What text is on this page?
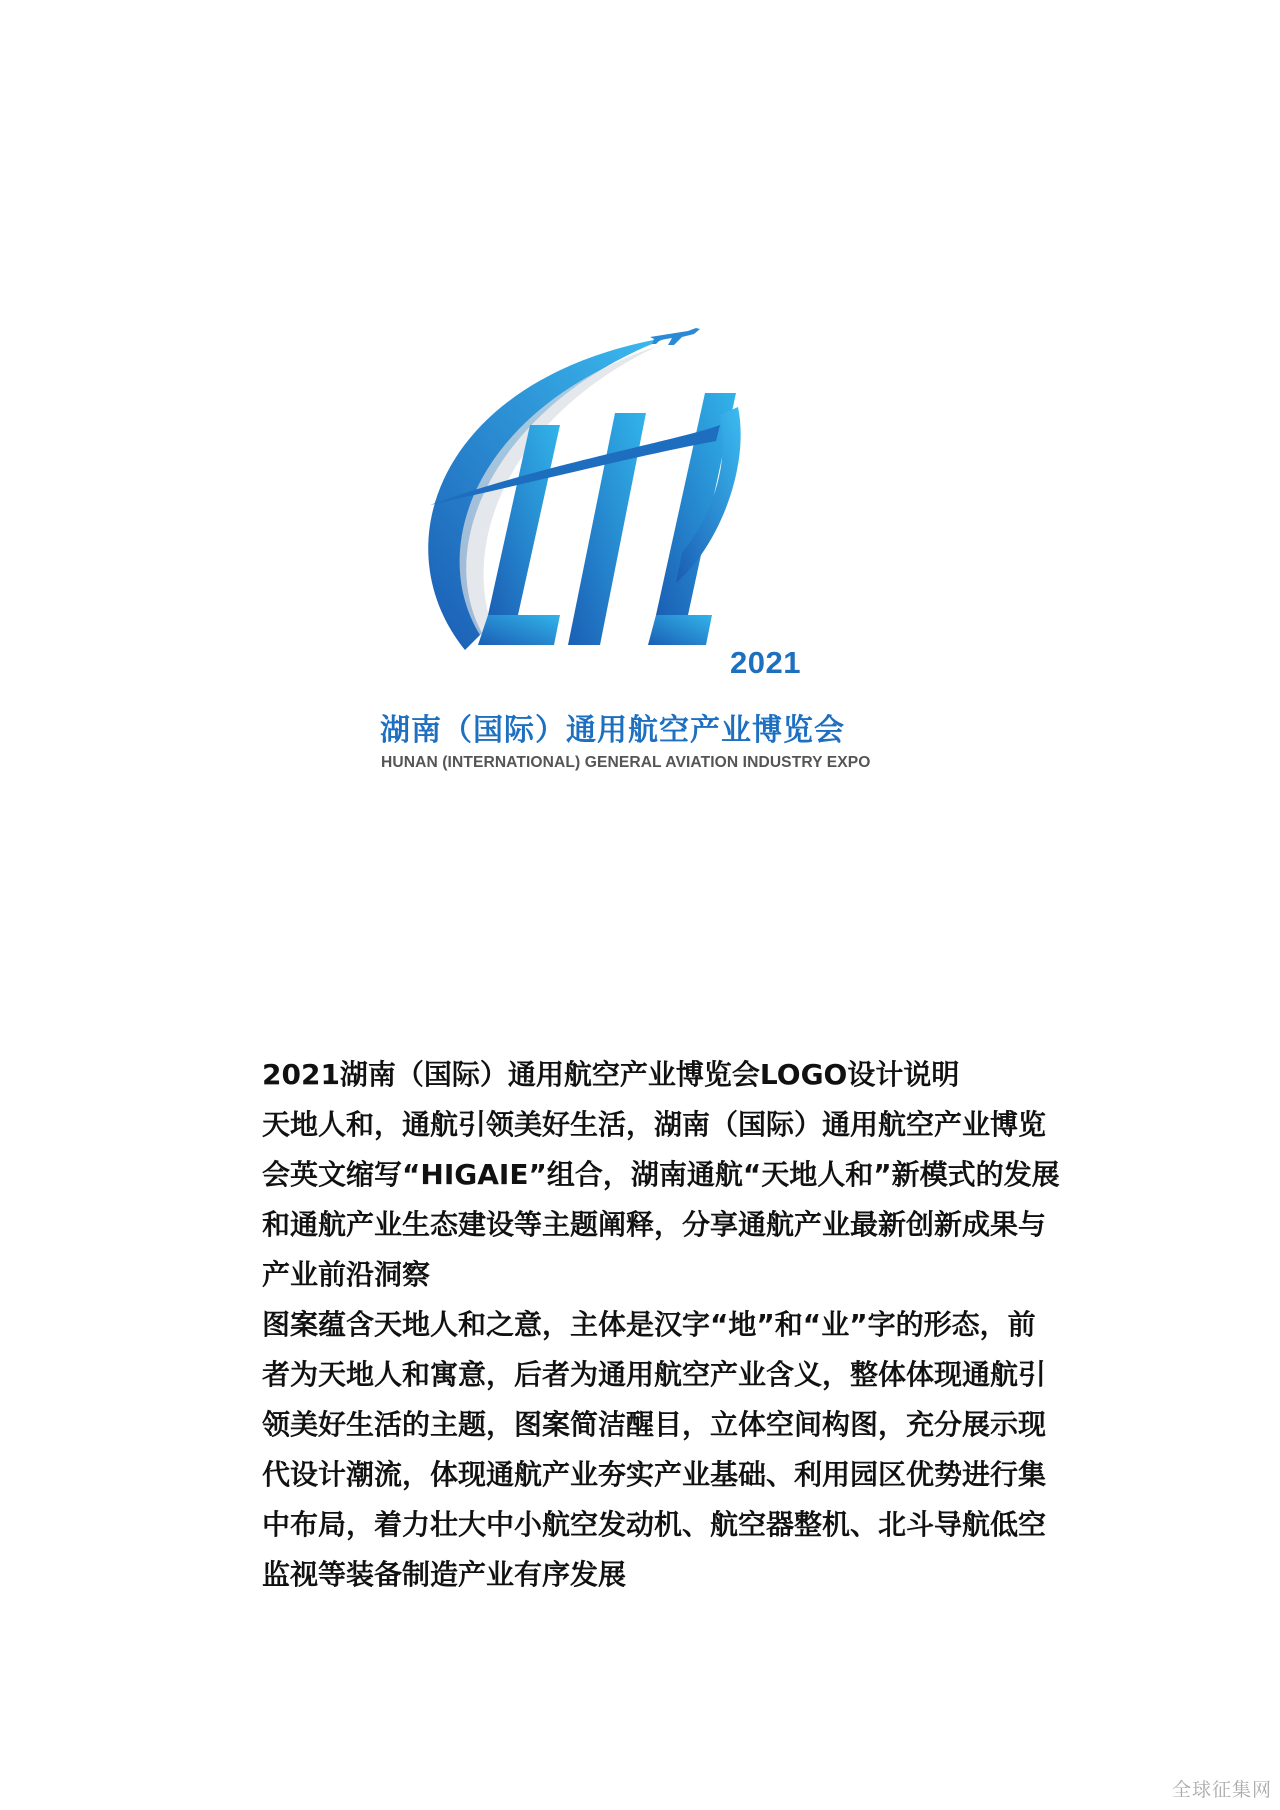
2021
湖南（国际）通用航空产业博览会
HUNAN (INTERNATIONAL) GENERAL AVIATION INDUSTRY EXPO

2021湖南（国际）通用航空产业博览会LOGO设计说明

天地人和，通航引领美好生活，湖南（国际）通用航空产业博览会英文缩写“HIGAIE”组合，湖南通航“天地人和”新模式的发展和通航产业生态建设等主题阐释，分享通航产业最新创新成果与产业前沿洞察

图案蕴含天地人和之意，主体是汉字“地”和“业”字的形态，前者为天地人和寓意，后者为通用航空产业含义，整体体现通航引领美好生活的主题，图案简洁醒目，立体空间构图，充分展示现代设计潮流，体现通航产业夯实产业基础、利用园区优势进行集中布局，着力壮大中小航空发动机、航空器整机、北斗导航低空监视等装备制造产业有序发展

全球征集网
